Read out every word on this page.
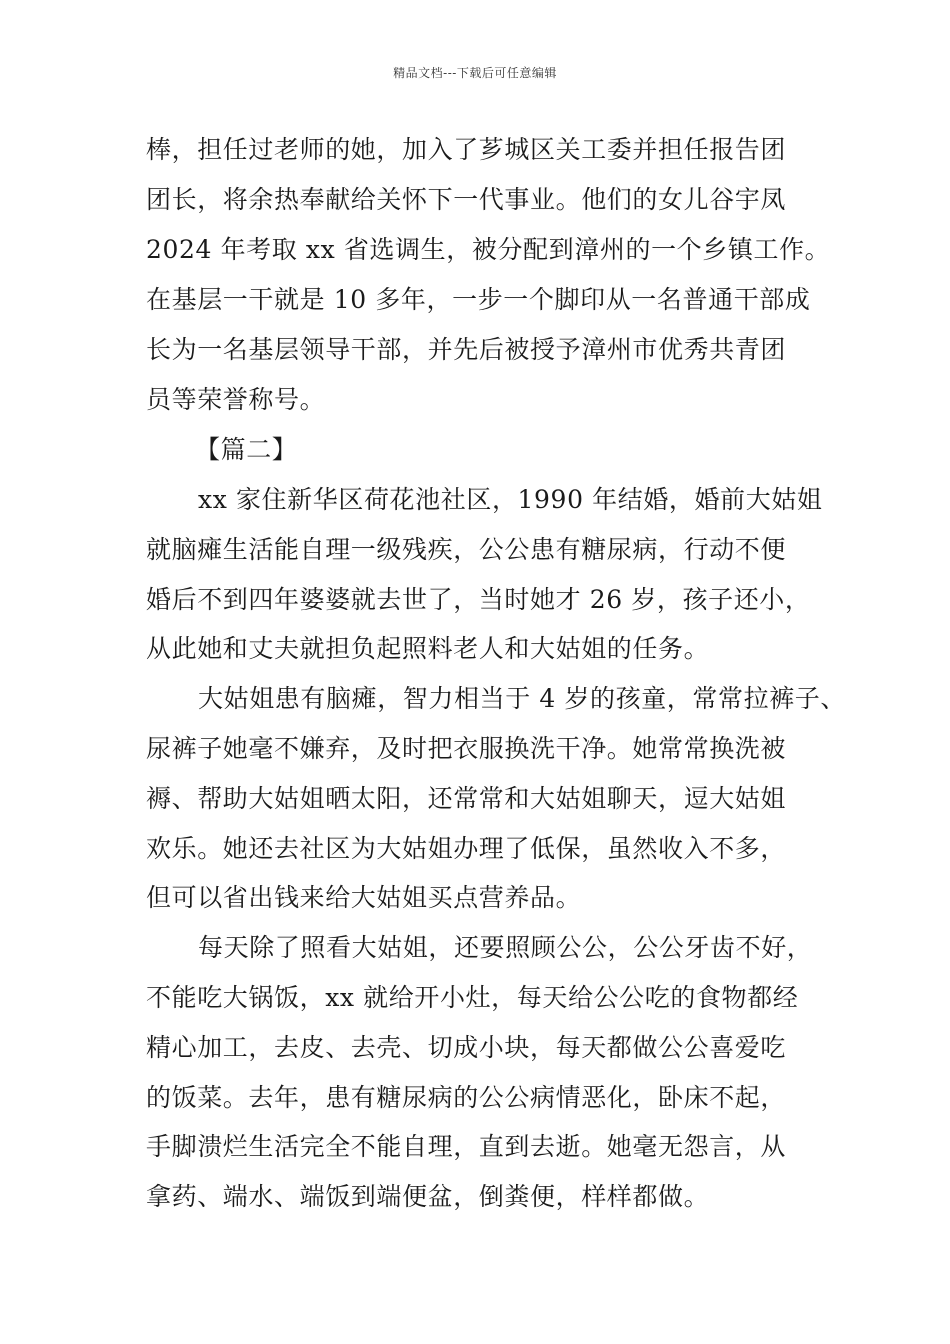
精品文档---下载后可任意编辑
棒，担任过老师的她，加入了芗城区关工委并担任报告团
团长，将余热奉献给关怀下一代事业。他们的女儿谷宇凤
2024 年考取 xx 省选调生，被分配到漳州的一个乡镇工作。
在基层一干就是 10 多年，一步一个脚印从一名普通干部成
长为一名基层领导干部，并先后被授予漳州市优秀共青团
员等荣誉称号。
【篇二】
xx 家住新华区荷花池社区，1990 年结婚，婚前大姑姐
就脑瘫生活能自理一级残疾，公公患有糖尿病，行动不便
婚后不到四年婆婆就去世了，当时她才 26 岁，孩子还小，
从此她和丈夫就担负起照料老人和大姑姐的任务。
大姑姐患有脑瘫，智力相当于 4 岁的孩童，常常拉裤子、
尿裤子她毫不嫌弃，及时把衣服换洗干净。她常常换洗被
褥、帮助大姑姐晒太阳，还常常和大姑姐聊天，逗大姑姐
欢乐。她还去社区为大姑姐办理了低保，虽然收入不多，
但可以省出钱来给大姑姐买点营养品。
每天除了照看大姑姐，还要照顾公公，公公牙齿不好，
不能吃大锅饭，xx 就给开小灶，每天给公公吃的食物都经
精心加工，去皮、去壳、切成小块，每天都做公公喜爱吃
的饭菜。去年，患有糖尿病的公公病情恶化，卧床不起，
手脚溃烂生活完全不能自理，直到去逝。她毫无怨言，从
拿药、端水、端饭到端便盆，倒粪便，样样都做。
